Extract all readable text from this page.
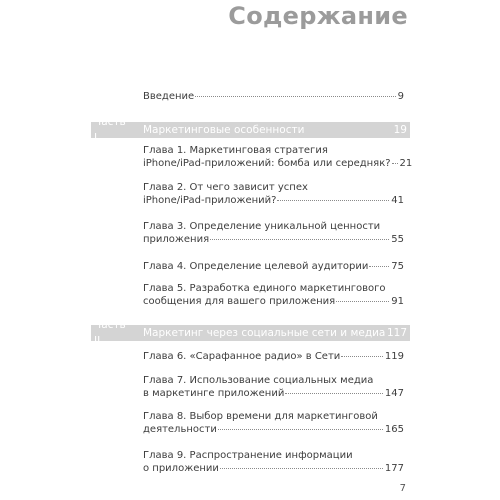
Содержание
Введение	9
Часть I
Маркетинговые особенности	19
Глава 1. Маркетинговая стратегия
iPhone/iPad-приложений: бомба или середняк? 21
Глава 2. От чего зависит успех
iPhone/iPad-приложений?	41
Глава 3. Определение уникальной ценности
приложения	55
Глава 4. Определение целевой аудитории 75
Глава 5. Разработка единого маркетингового
сообщения для вашего приложения	91
Часть II
Маркетинг через социальные сети и медиа 117
Глава 6. «Сарафанное радио» в Сети	119
Глава 7. Использование социальных медиа
в маркетинге приложений	147
Глава 8. Выбор времени для маркетинговой
деятельности	165
Глава 9. Распространение информации
о приложении	177
7
